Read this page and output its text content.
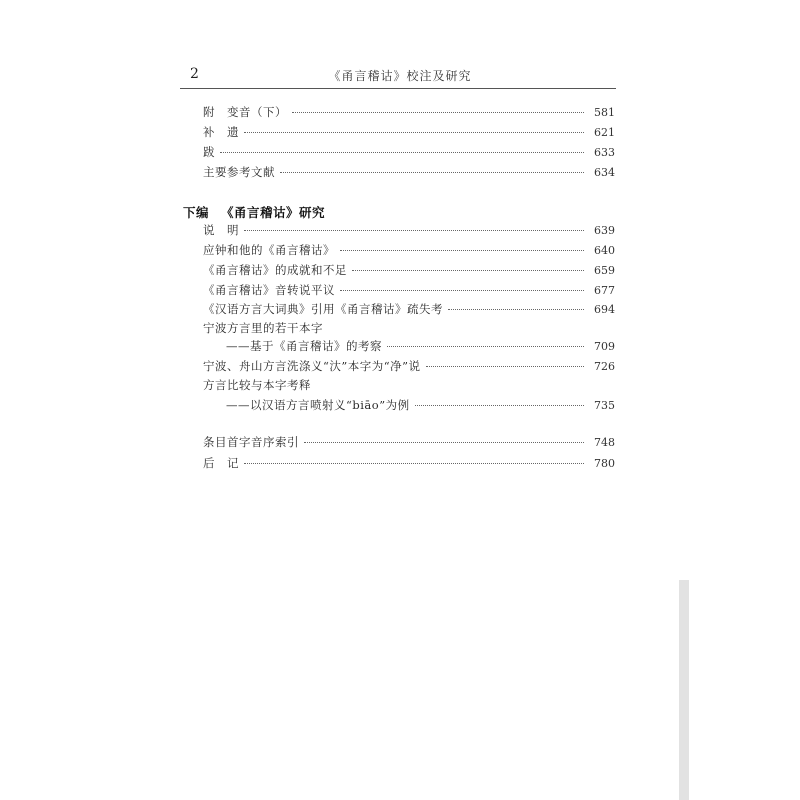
2	《甬言稽诂》校注及研究
附　变音（下）	581
补　遗	621
跋	633
主要参考文献	634
下编 《甬言稽诂》研究
说　明	639
应钟和他的《甬言稽诂》	640
《甬言稽诂》的成就和不足	659
《甬言稽诂》音转说平议	677
《汉语方言大词典》引用《甬言稽诂》疏失考	694
宁波方言里的若干本字
——基于《甬言稽诂》的考察	709
宁波、舟山方言洗涤义“汏”本字为“净”说	726
方言比较与本字考释
——以汉语方言喷射义“biāo”为例	735
条目首字音序索引	748
后　记	780
